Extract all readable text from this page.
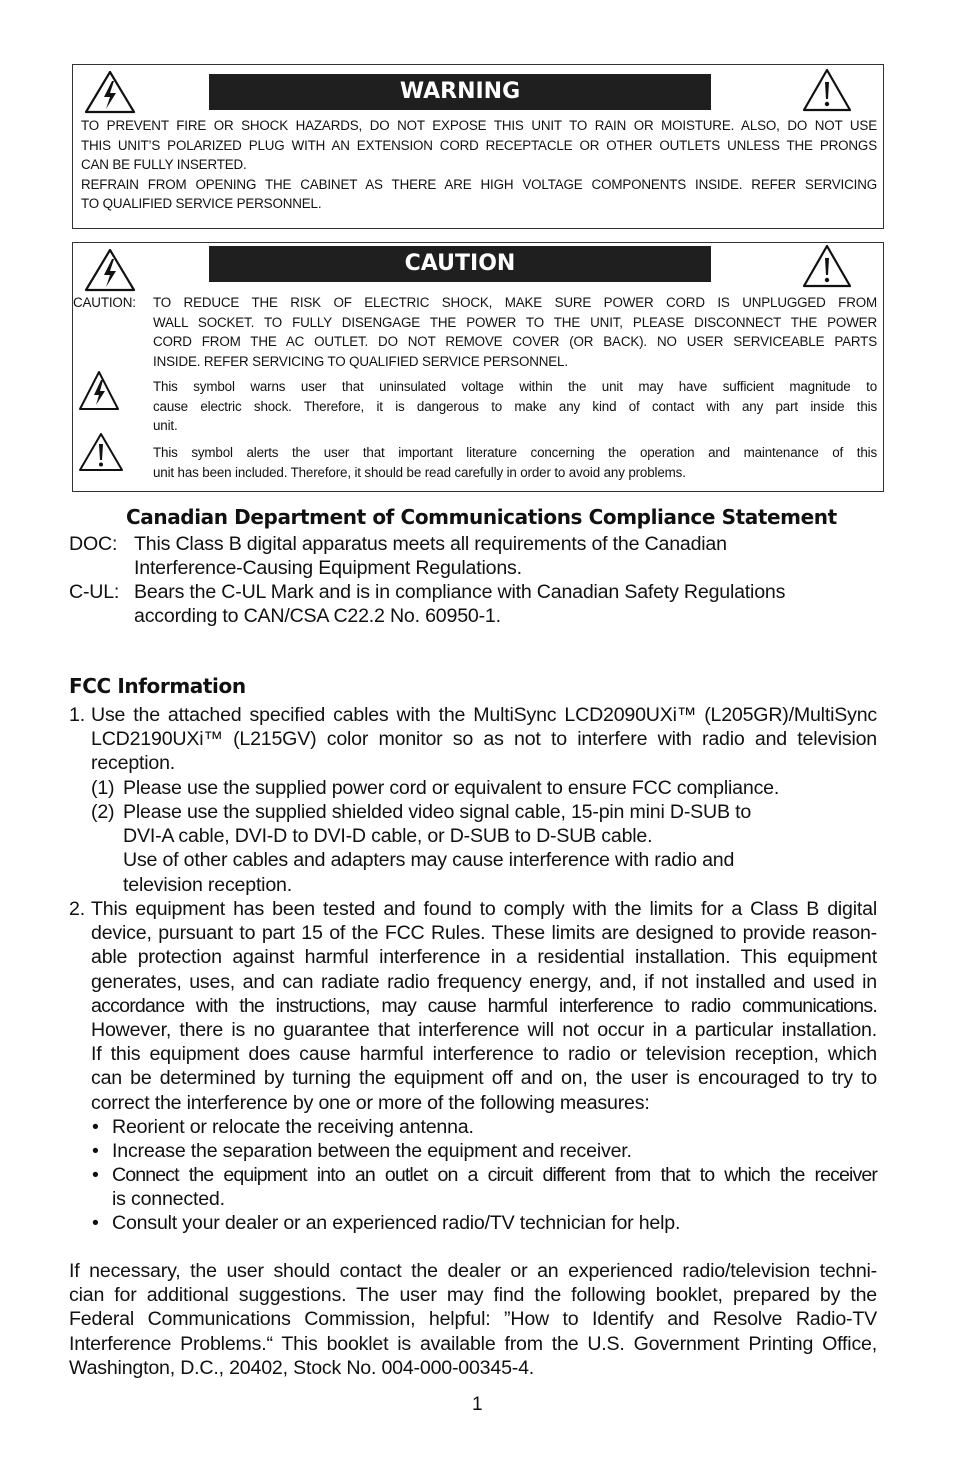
WARNING
TO PREVENT FIRE OR SHOCK HAZARDS, DO NOT EXPOSE THIS UNIT TO RAIN OR MOISTURE. ALSO, DO NOT USE
THIS UNIT’S POLARIZED PLUG WITH AN EXTENSION CORD RECEPTACLE OR OTHER OUTLETS UNLESS THE PRONGS
CAN BE FULLY INSERTED.
REFRAIN FROM OPENING THE CABINET AS THERE ARE HIGH VOLTAGE COMPONENTS INSIDE. REFER SERVICING
TO QUALIFIED SERVICE PERSONNEL.
CAUTION
CAUTION: TO REDUCE THE RISK OF ELECTRIC SHOCK, MAKE SURE POWER CORD IS UNPLUGGED FROM
WALL SOCKET. TO FULLY DISENGAGE THE POWER TO THE UNIT, PLEASE DISCONNECT THE POWER
CORD FROM THE AC OUTLET. DO NOT REMOVE COVER (OR BACK). NO USER SERVICEABLE PARTS
INSIDE. REFER SERVICING TO QUALIFIED SERVICE PERSONNEL.
This symbol warns user that uninsulated voltage within the unit may have sufficient magnitude to
cause electric shock. Therefore, it is dangerous to make any kind of contact with any part inside this
unit.
This symbol alerts the user that important literature concerning the operation and maintenance of this
unit has been included. Therefore, it should be read carefully in order to avoid any problems.
Canadian Department of Communications Compliance Statement
DOC: This Class B digital apparatus meets all requirements of the Canadian
Interference-Causing Equipment Regulations.
C-UL: Bears the C-UL Mark and is in compliance with Canadian Safety Regulations
according to CAN/CSA C22.2 No. 60950-1.
FCC Information
1. Use the attached specified cables with the MultiSync LCD2090UXi™ (L205GR)/MultiSync
LCD2190UXi™ (L215GV) color monitor so as not to interfere with radio and television
reception.
(1) Please use the supplied power cord or equivalent to ensure FCC compliance.
(2) Please use the supplied shielded video signal cable, 15-pin mini D-SUB to
DVI-A cable, DVI-D to DVI-D cable, or D-SUB to D-SUB cable.
Use of other cables and adapters may cause interference with radio and
television reception.
2. This equipment has been tested and found to comply with the limits for a Class B digital
device, pursuant to part 15 of the FCC Rules. These limits are designed to provide reason-
able protection against harmful interference in a residential installation. This equipment
generates, uses, and can radiate radio frequency energy, and, if not installed and used in
accordance with the instructions, may cause harmful interference to radio communications.
However, there is no guarantee that interference will not occur in a particular installation.
If this equipment does cause harmful interference to radio or television reception, which
can be determined by turning the equipment off and on, the user is encouraged to try to
correct the interference by one or more of the following measures:
• Reorient or relocate the receiving antenna.
• Increase the separation between the equipment and receiver.
• Connect the equipment into an outlet on a circuit different from that to which the receiver
is connected.
• Consult your dealer or an experienced radio/TV technician for help.
If necessary, the user should contact the dealer or an experienced radio/television techni-
cian for additional suggestions. The user may find the following booklet, prepared by the
Federal Communications Commission, helpful: ”How to Identify and Resolve Radio-TV
Interference Problems.“ This booklet is available from the U.S. Government Printing Office,
Washington, D.C., 20402, Stock No. 004-000-00345-4.
1
